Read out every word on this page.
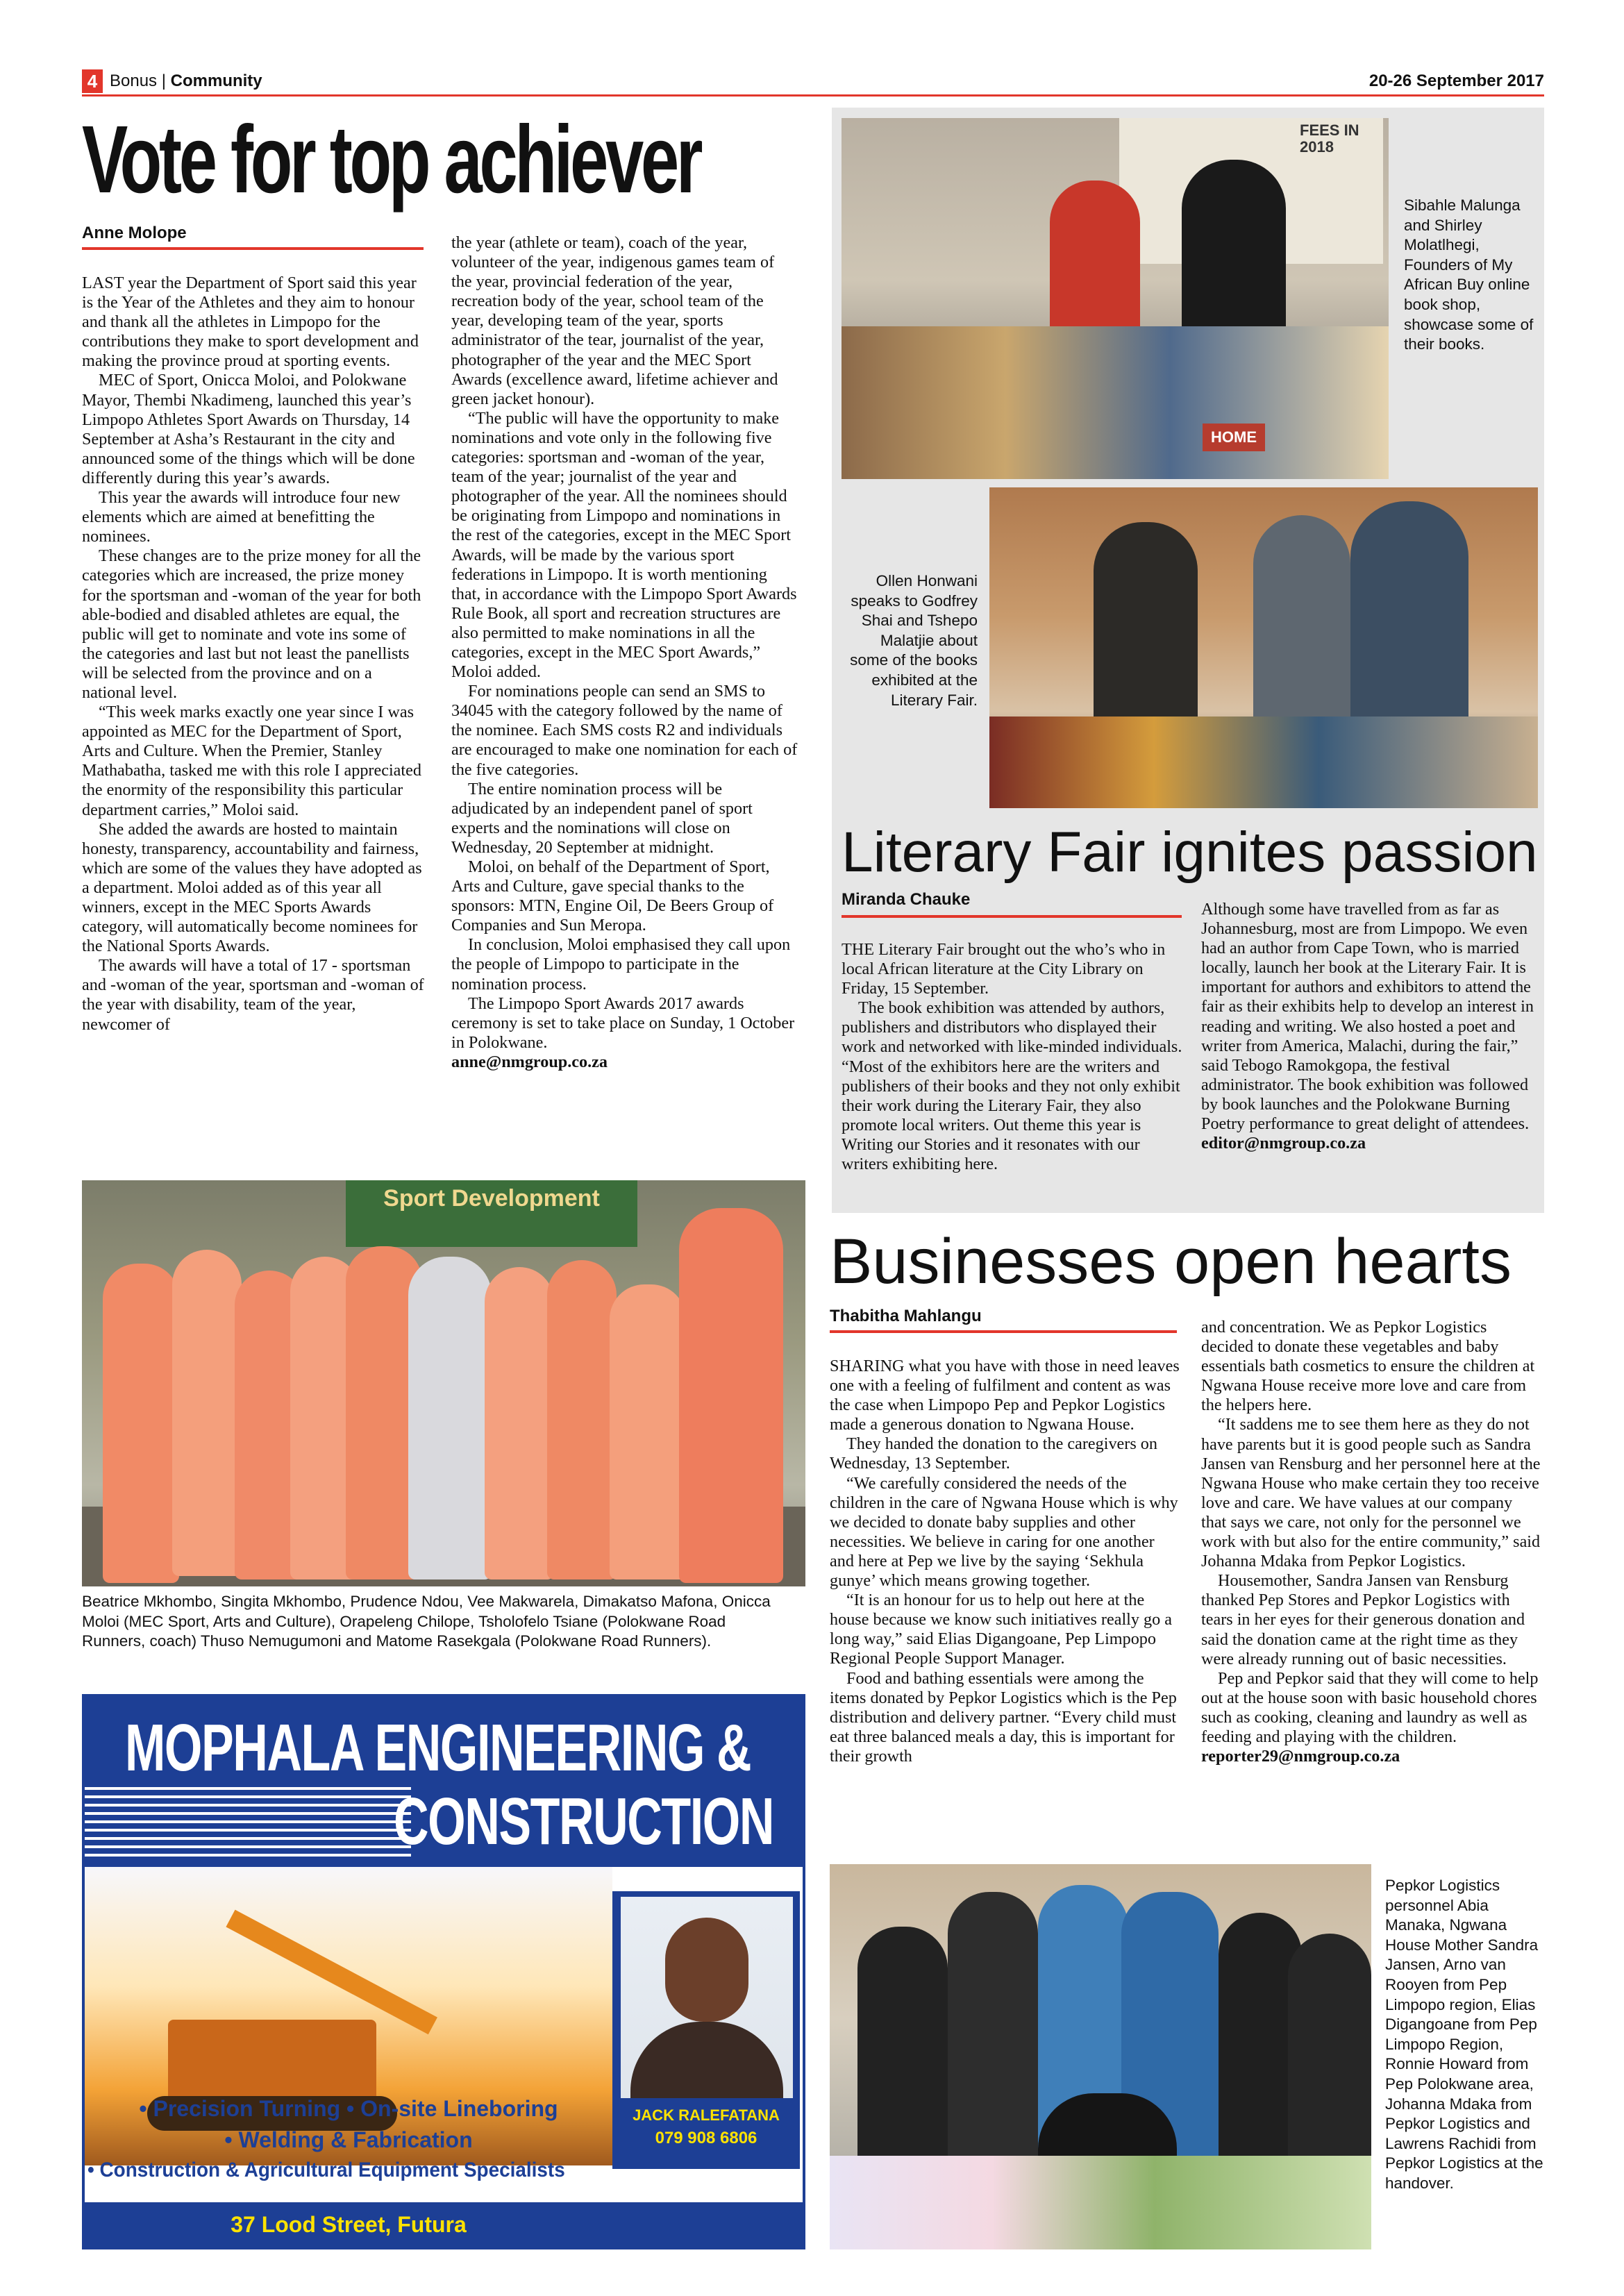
4 Bonus | Community	20-26 September 2017
Vote for top achiever
Anne Molope

LAST year the Department of Sport said this year is the Year of the Athletes and they aim to honour and thank all the athletes in Limpopo for the contributions they make to sport development and making the province proud at sporting events.

MEC of Sport, Onicca Moloi, and Polokwane Mayor, Thembi Nkadimeng, launched this year’s Limpopo Athletes Sport Awards on Thursday, 14 September at Asha’s Restaurant in the city and announced some of the things which will be done differently during this year’s awards.

This year the awards will introduce four new elements which are aimed at benefitting the nominees.

These changes are to the prize money for all the categories which are increased, the prize money for the sportsman and -woman of the year for both able-bodied and disabled athletes are equal, the public will get to nominate and vote ins some of the categories and last but not least the panellists will be selected from the province and on a national level.

“This week marks exactly one year since I was appointed as MEC for the Department of Sport, Arts and Culture. When the Premier, Stanley Mathabatha, tasked me with this role I appreciated the enormity of the responsibility this particular department carries,” Moloi said.

She added the awards are hosted to maintain honesty, transparency, accountability and fairness, which are some of the values they have adopted as a department. Moloi added as of this year all winners, except in the MEC Sports Awards category, will automatically become nominees for the National Sports Awards.

The awards will have a total of 17 - sportsman and -woman of the year, sportsman and -woman of the year with disability, team of the year, newcomer of

the year (athlete or team), coach of the year, volunteer of the year, indigenous games team of the year, provincial federation of the year, recreation body of the year, school team of the year, developing team of the year, sports administrator of the tear, journalist of the year, photographer of the year and the MEC Sport Awards (excellence award, lifetime achiever and green jacket honour).

“The public will have the opportunity to make nominations and vote only in the following five categories: sportsman and -woman of the year, team of the year; journalist of the year and photographer of the year. All the nominees should be originating from Limpopo and nominations in the rest of the categories, except in the MEC Sport Awards, will be made by the various sport federations in Limpopo. It is worth mentioning that, in accordance with the Limpopo Sport Awards Rule Book, all sport and recreation structures are also permitted to make nominations in all the categories, except in the MEC Sport Awards,” Moloi added.

For nominations people can send an SMS to 34045 with the category followed by the name of the nominee. Each SMS costs R2 and individuals are encouraged to make one nomination for each of the five categories.

The entire nomination process will be adjudicated by an independent panel of sport experts and the nominations will close on Wednesday, 20 September at midnight.

Moloi, on behalf of the Department of Sport, Arts and Culture, gave special thanks to the sponsors: MTN, Engine Oil, De Beers Group of Companies and Sun Meropa.

In conclusion, Moloi emphasised they call upon the people of Limpopo to participate in the nomination process.

The Limpopo Sport Awards 2017 awards ceremony is set to take place on Sunday, 1 October in Polokwane.

anne@nmgroup.co.za

Sport Development
Beatrice Mkhombo, Singita Mkhombo, Prudence Ndou, Vee Makwarela, Dimakatso Mafona, Onicca Moloi (MEC Sport, Arts and Culture), Orapeleng Chilope, Tsholofelo Tsiane (Polokwane Road Runners, coach) Thuso Nemugumoni and Matome Rasekgala (Polokwane Road Runners).
MOPHALA ENGINEERING &
CONSTRUCTION
JACK RALEFATANA
079 908 6806
• Precision Turning • On-site Lineboring
• Welding & Fabrication
• Construction & Agricultural Equipment Specialists
37 Lood Street, Futura
FEES IN 2018
HOME
Sibahle Malunga and Shirley Molatlhegi, Founders of My African Buy online book shop, showcase some of their books.
Ollen Honwani speaks to Godfrey Shai and Tshepo Malatjie about some of the books exhibited at the Literary Fair.
Literary Fair ignites passion
Miranda Chauke

THE Literary Fair brought out the who’s who in local African literature at the City Library on Friday, 15 September.

The book exhibition was attended by authors, publishers and distributors who displayed their work and networked with like-minded individuals. “Most of the exhibitors here are the writers and publishers of their books and they not only exhibit their work during the Literary Fair, they also promote local writers. Out theme this year is Writing our Stories and it resonates with our writers exhibiting here.

Although some have travelled from as far as Johannesburg, most are from Limpopo. We even had an author from Cape Town, who is married locally, launch her book at the Literary Fair. It is important for authors and exhibitors to attend the fair as their exhibits help to develop an interest in reading and writing. We also hosted a poet and writer from America, Malachi, during the fair,” said Tebogo Ramokgopa, the festival administrator. The book exhibition was followed by book launches and the Polokwane Burning Poetry performance to great delight of attendees.

editor@nmgroup.co.za

Businesses open hearts
Thabitha Mahlangu

SHARING what you have with those in need leaves one with a feeling of fulfilment and content as was the case when Limpopo Pep and Pepkor Logistics made a generous donation to Ngwana House.

They handed the donation to the caregivers on Wednesday, 13 September.

“We carefully considered the needs of the children in the care of Ngwana House which is why we decided to donate baby supplies and other necessities. We believe in caring for one another and here at Pep we live by the saying ‘Sekhula gunye’ which means growing together.

“It is an honour for us to help out here at the house because we know such initiatives really go a long way,” said Elias Digangoane, Pep Limpopo Regional People Support Manager.

Food and bathing essentials were among the items donated by Pepkor Logistics which is the Pep distribution and delivery partner. “Every child must eat three balanced meals a day, this is important for their growth

and concentration. We as Pepkor Logistics decided to donate these vegetables and baby essentials bath cosmetics to ensure the children at Ngwana House receive more love and care from the helpers here.

“It saddens me to see them here as they do not have parents but it is good people such as Sandra Jansen van Rensburg and her personnel here at the Ngwana House who make certain they too receive love and care. We have values at our company that says we care, not only for the personnel we work with but also for the entire community,” said Johanna Mdaka from Pepkor Logistics.

Housemother, Sandra Jansen van Rensburg thanked Pep Stores and Pepkor Logistics with tears in her eyes for their generous donation and said the donation came at the right time as they were already running out of basic necessities.

Pep and Pepkor said that they will come to help out at the house soon with basic household chores such as cooking, cleaning and laundry as well as feeding and playing with the children.

reporter29@nmgroup.co.za

Pepkor Logistics personnel Abia Manaka, Ngwana House Mother Sandra Jansen, Arno van Rooyen from Pep Limpopo region, Elias Digangoane from Pep Limpopo Region, Ronnie Howard from Pep Polokwane area, Johanna Mdaka from Pepkor Logistics and Lawrens Rachidi from Pepkor Logistics at the handover.
